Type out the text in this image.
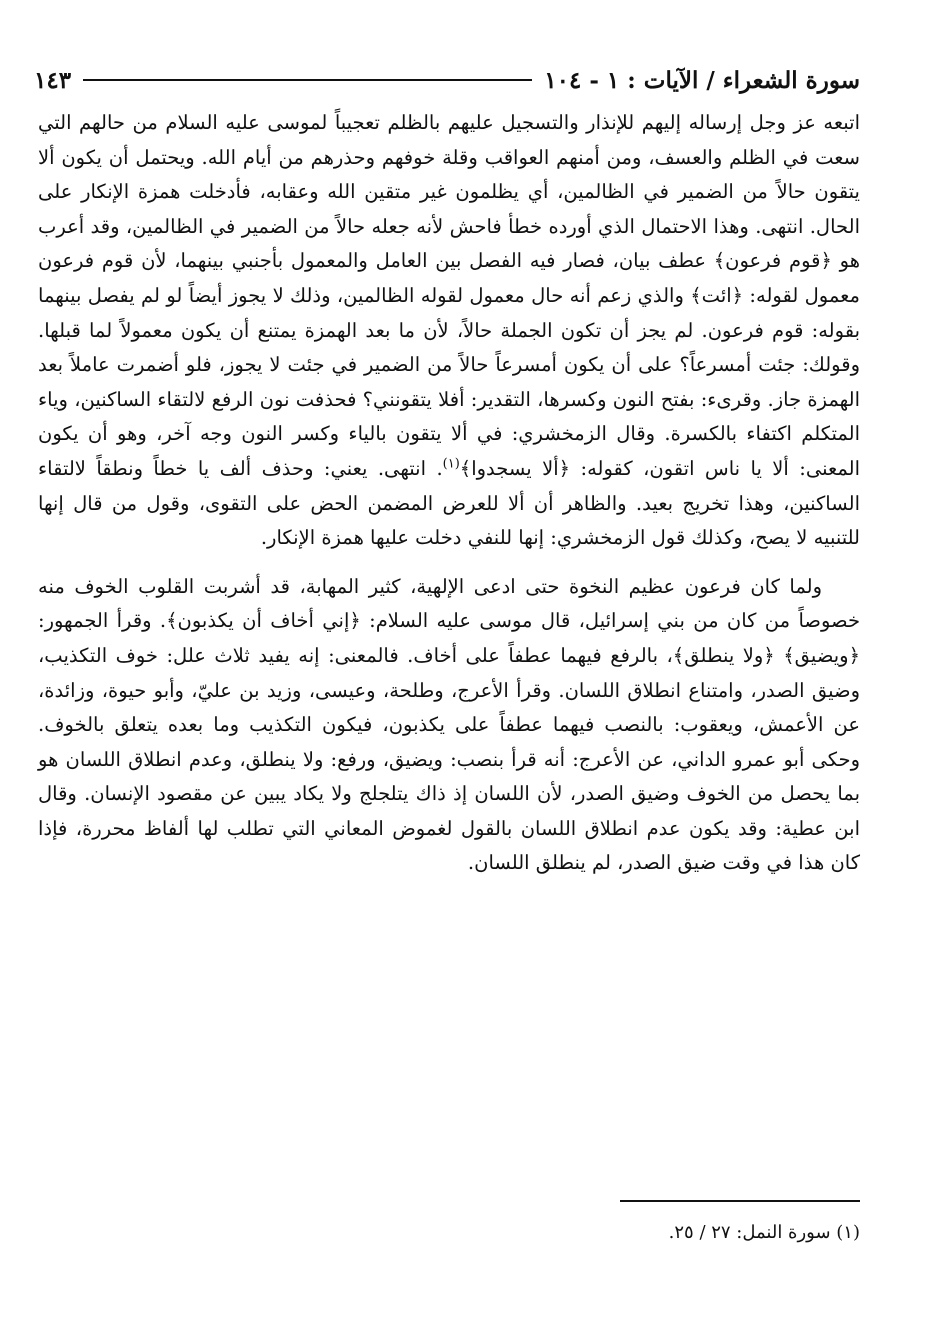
سورة الشعراء / الآيات : ١ - ١٠٤
١٤٣

اتبعه عز وجل إرساله إليهم للإنذار والتسجيل عليهم بالظلم تعجيباً لموسى عليه السلام من حالهم التي سعت في الظلم والعسف، ومن أمنهم العواقب وقلة خوفهم وحذرهم من أيام الله. ويحتمل أن يكون ألا يتقون حالاً من الضمير في الظالمين، أي يظلمون غير متقين الله وعقابه، فأدخلت همزة الإنكار على الحال. انتهى. وهذا الاحتمال الذي أورده خطأ فاحش لأنه جعله حالاً من الضمير في الظالمين، وقد أعرب هو ﴿قوم فرعون﴾ عطف بيان، فصار فيه الفصل بين العامل والمعمول بأجنبي بينهما، لأن قوم فرعون معمول لقوله: ﴿ائت﴾ والذي زعم أنه حال معمول لقوله الظالمين، وذلك لا يجوز أيضاً لو لم يفصل بينهما بقوله: قوم فرعون. لم يجز أن تكون الجملة حالاً، لأن ما بعد الهمزة يمتنع أن يكون معمولاً لما قبلها. وقولك: جئت أمسرعاً؟ على أن يكون أمسرعاً حالاً من الضمير في جئت لا يجوز، فلو أضمرت عاملاً بعد الهمزة جاز. وقرىء: بفتح النون وكسرها، التقدير: أفلا يتقونني؟ فحذفت نون الرفع لالتقاء الساكنين، وياء المتكلم اكتفاء بالكسرة. وقال الزمخشري: في ألا يتقون بالياء وكسر النون وجه آخر، وهو أن يكون المعنى: ألا يا ناس اتقون، كقوله: ﴿ألا يسجدوا﴾$^{(١)}$. انتهى. يعني: وحذف ألف يا خطاً ونطقاً لالتقاء الساكنين، وهذا تخريج بعيد. والظاهر أن ألا للعرض المضمن الحض على التقوى، وقول من قال إنها للتنبيه لا يصح، وكذلك قول الزمخشري: إنها للنفي دخلت عليها همزة الإنكار.

ولما كان فرعون عظيم النخوة حتى ادعى الإلهية، كثير المهابة، قد أشربت القلوب الخوف منه خصوصاً من كان من بني إسرائيل، قال موسى عليه السلام: ﴿إني أخاف أن يكذبون﴾. وقرأ الجمهور: ﴿ويضيق﴾ ﴿ولا ينطلق﴾، بالرفع فيهما عطفاً على أخاف. فالمعنى: إنه يفيد ثلاث علل: خوف التكذيب، وضيق الصدر، وامتناع انطلاق اللسان. وقرأ الأعرج، وطلحة، وعيسى، وزيد بن عليّ، وأبو حيوة، وزائدة، عن الأعمش، ويعقوب: بالنصب فيهما عطفاً على يكذبون، فيكون التكذيب وما بعده يتعلق بالخوف. وحكى أبو عمرو الداني، عن الأعرج: أنه قرأ بنصب: ويضيق، ورفع: ولا ينطلق، وعدم انطلاق اللسان هو بما يحصل من الخوف وضيق الصدر، لأن اللسان إذ ذاك يتلجلج ولا يكاد يبين عن مقصود الإنسان. وقال ابن عطية: وقد يكون عدم انطلاق اللسان بالقول لغموض المعاني التي تطلب لها ألفاظ محررة، فإذا كان هذا في وقت ضيق الصدر، لم ينطلق اللسان.

(١) سورة النمل: ٢٧ / ٢٥.
